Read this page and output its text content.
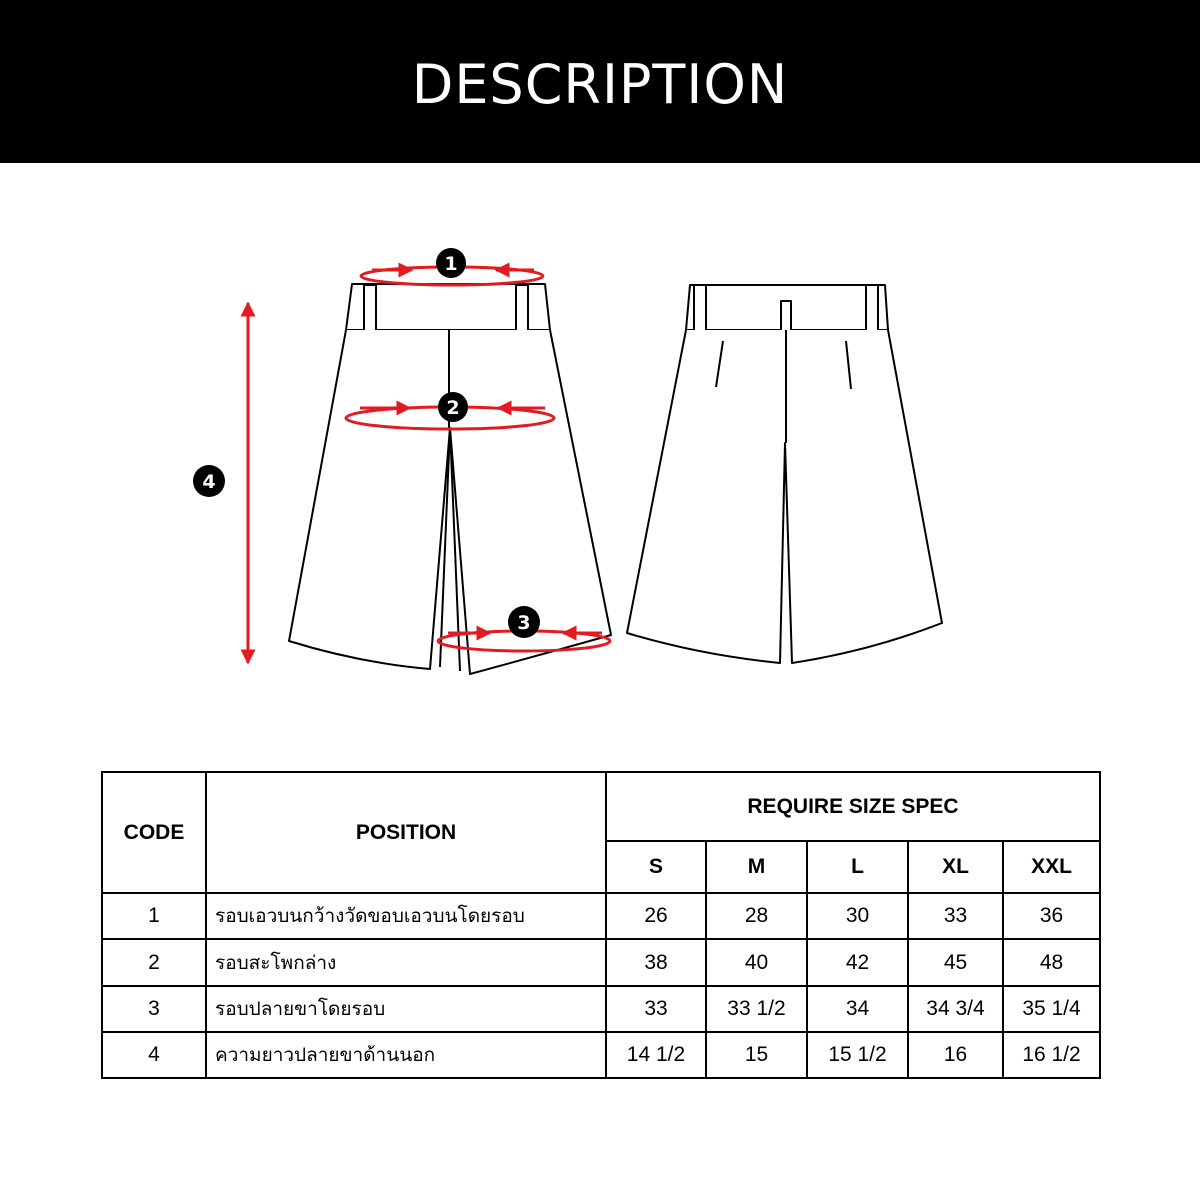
DESCRIPTION
1
2
3
4
CODE	POSITION	REQUIRE SIZE SPEC				
		S	M	L	XL	XXL
1	รอบเอวบนกว้างวัดขอบเอวบนโดยรอบ	26	28	30	33	36
2	รอบสะโพกล่าง	38	40	42	45	48
3	รอบปลายขาโดยรอบ	33	33 1/2	34	34 3/4	35 1/4
4	ความยาวปลายขาด้านนอก	14 1/2	15	15 1/2	16	16 1/2
